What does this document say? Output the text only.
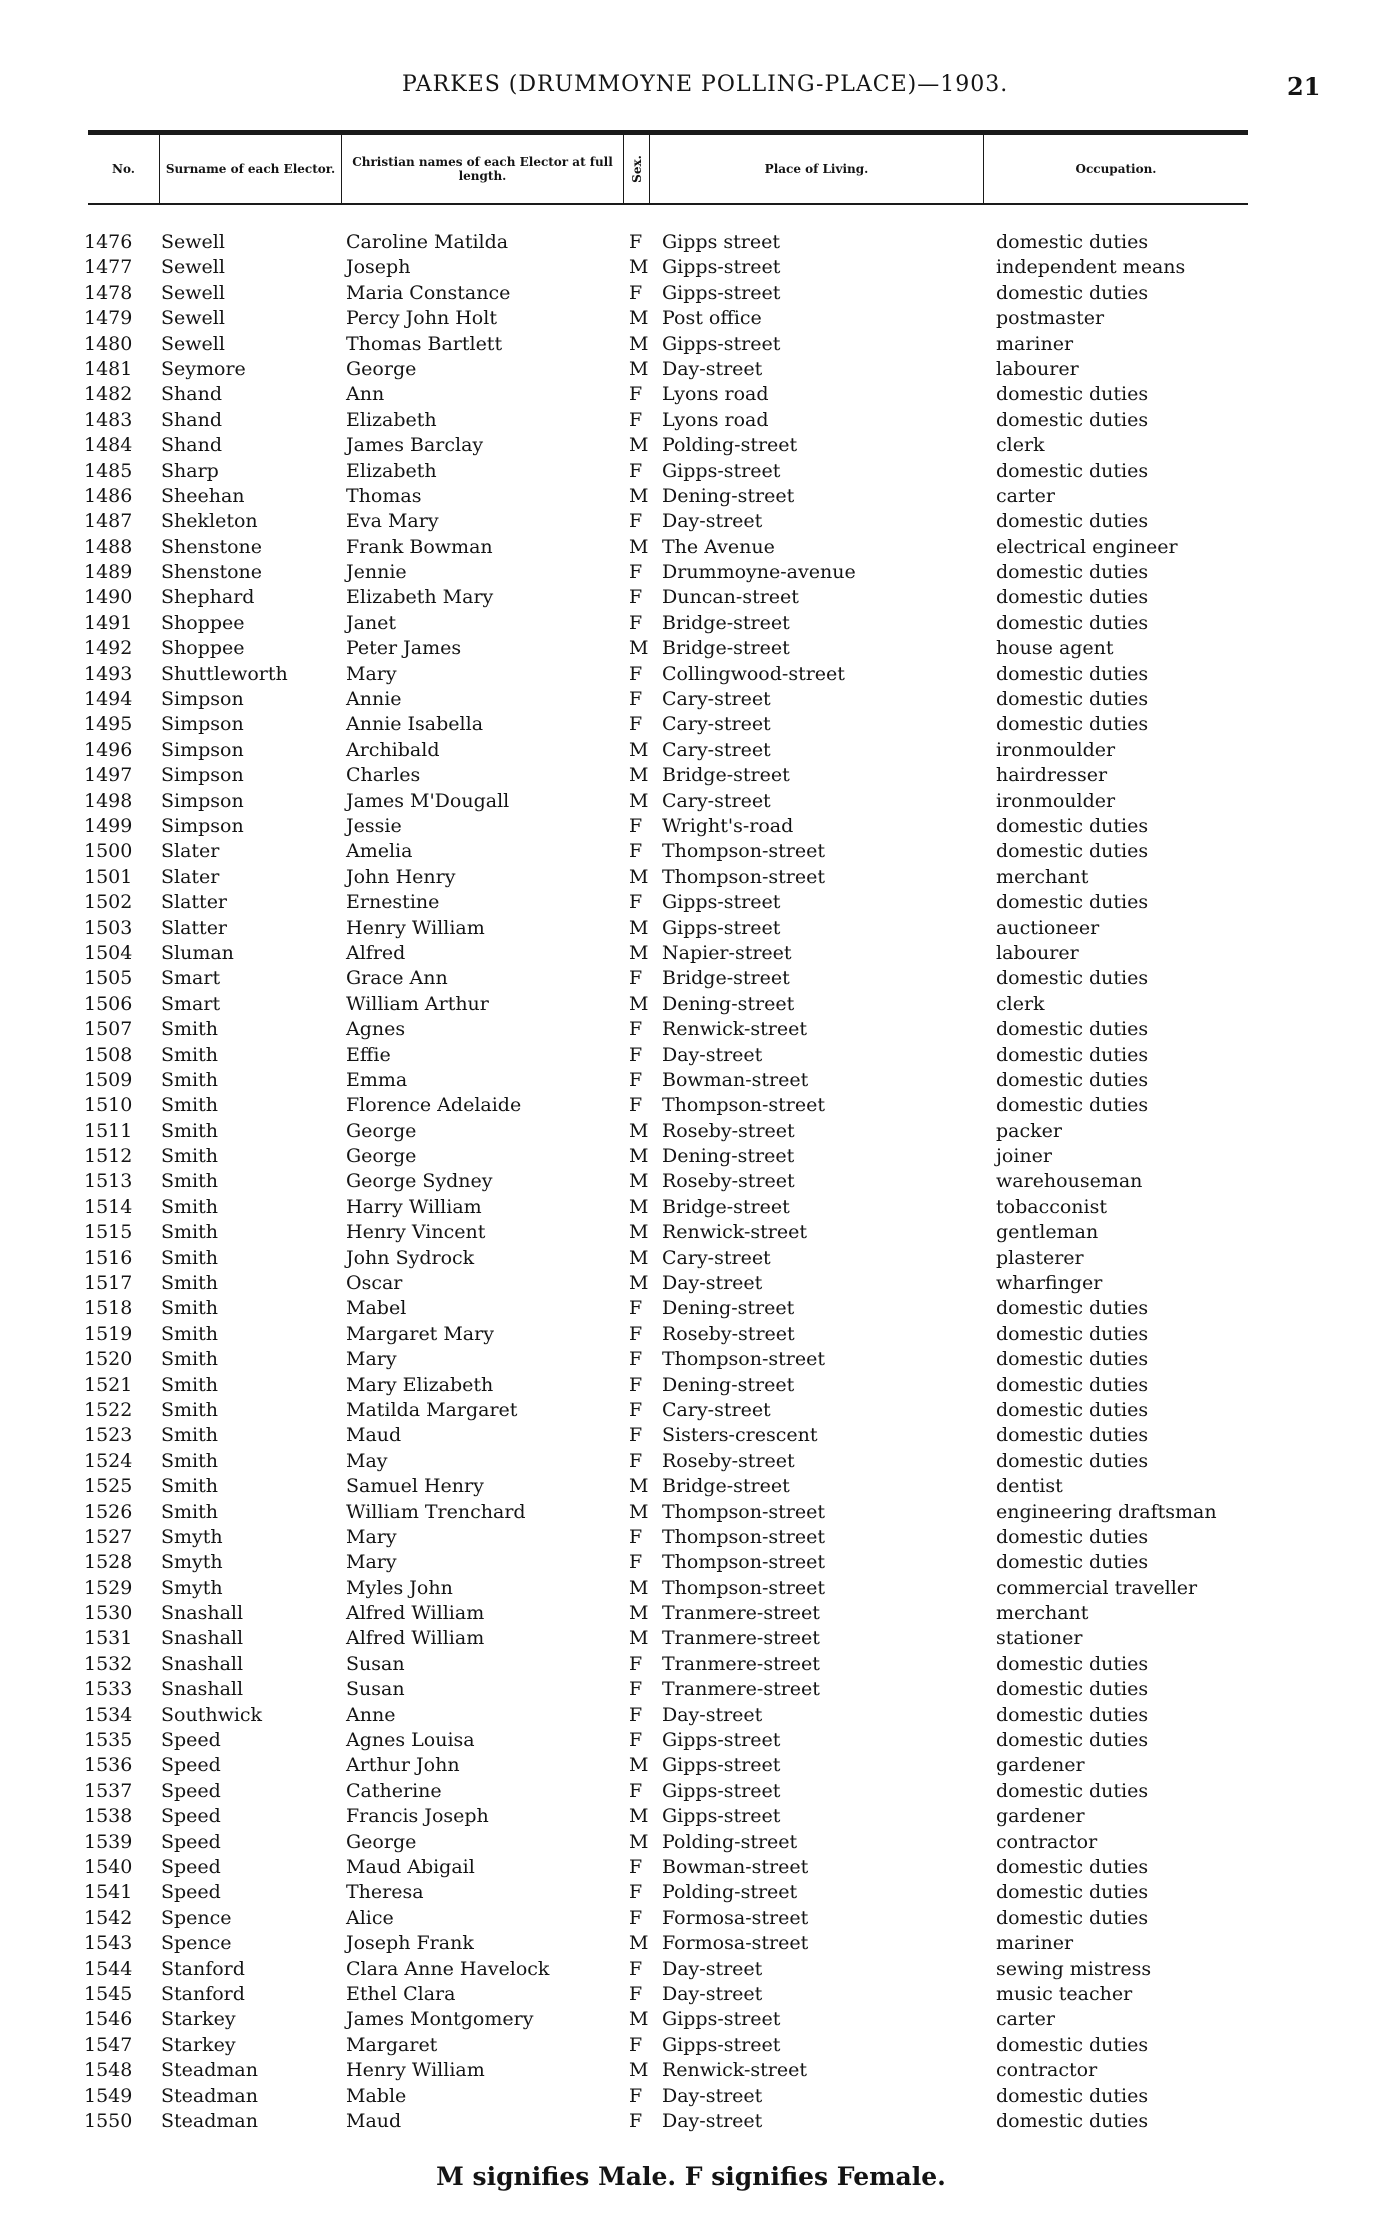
PARKES (DRUMMOYNE POLLING-PLACE)—1903.	21
No.	Surname of each Elector.	Christian names of each Elector at full length.	Sex.	Place of Living.	Occupation.
1476 Sewell	Caroline Matilda	F Gipps street	domestic duties
1477 Sewell	Joseph	M Gipps-street	independent means
1478 Sewell	Maria Constance	F Gipps-street	domestic duties
1479 Sewell	Percy John Holt	M Post office	postmaster
1480 Sewell	Thomas Bartlett	M Gipps-street	mariner
1481 Seymore	George	M Day-street	labourer
1482 Shand	Ann	F Lyons road	domestic duties
1483 Shand	Elizabeth	F Lyons road	domestic duties
1484 Shand	James Barclay	M Polding-street	clerk
1485 Sharp	Elizabeth	F Gipps-street	domestic duties
1486 Sheehan	Thomas	M Dening-street	carter
1487 Shekleton	Eva Mary	F Day-street	domestic duties
1488 Shenstone	Frank Bowman	M The Avenue	electrical engineer
1489 Shenstone	Jennie	F Drummoyne-avenue	domestic duties
1490 Shephard	Elizabeth Mary	F Duncan-street	domestic duties
1491 Shoppee	Janet	F Bridge-street	domestic duties
1492 Shoppee	Peter James	M Bridge-street	house agent
1493 Shuttleworth	Mary	F Collingwood-street	domestic duties
1494 Simpson	Annie	F Cary-street	domestic duties
1495 Simpson	Annie Isabella	F Cary-street	domestic duties
1496 Simpson	Archibald	M Cary-street	ironmoulder
1497 Simpson	Charles	M Bridge-street	hairdresser
1498 Simpson	James M'Dougall	M Cary-street	ironmoulder
1499 Simpson	Jessie	F Wright's-road	domestic duties
1500 Slater	Amelia	F Thompson-street	domestic duties
1501 Slater	John Henry	M Thompson-street	merchant
1502 Slatter	Ernestine	F Gipps-street	domestic duties
1503 Slatter	Henry William	M Gipps-street	auctioneer
1504 Sluman	Alfred	M Napier-street	labourer
1505 Smart	Grace Ann	F Bridge-street	domestic duties
1506 Smart	William Arthur	M Dening-street	clerk
1507 Smith	Agnes	F Renwick-street	domestic duties
1508 Smith	Effie	F Day-street	domestic duties
1509 Smith	Emma	F Bowman-street	domestic duties
1510 Smith	Florence Adelaide	F Thompson-street	domestic duties
1511 Smith	George	M Roseby-street	packer
1512 Smith	George	M Dening-street	joiner
1513 Smith	George Sydney	M Roseby-street	warehouseman
1514 Smith	Harry William	M Bridge-street	tobacconist
1515 Smith	Henry Vincent	M Renwick-street	gentleman
1516 Smith	John Sydrock	M Cary-street	plasterer
1517 Smith	Oscar	M Day-street	wharfinger
1518 Smith	Mabel	F Dening-street	domestic duties
1519 Smith	Margaret Mary	F Roseby-street	domestic duties
1520 Smith	Mary	F Thompson-street	domestic duties
1521 Smith	Mary Elizabeth	F Dening-street	domestic duties
1522 Smith	Matilda Margaret	F Cary-street	domestic duties
1523 Smith	Maud	F Sisters-crescent	domestic duties
1524 Smith	May	F Roseby-street	domestic duties
1525 Smith	Samuel Henry	M Bridge-street	dentist
1526 Smith	William Trenchard	M Thompson-street	engineering draftsman
1527 Smyth	Mary	F Thompson-street	domestic duties
1528 Smyth	Mary	F Thompson-street	domestic duties
1529 Smyth	Myles John	M Thompson-street	commercial traveller
1530 Snashall	Alfred William	M Tranmere-street	merchant
1531 Snashall	Alfred William	M Tranmere-street	stationer
1532 Snashall	Susan	F Tranmere-street	domestic duties
1533 Snashall	Susan	F Tranmere-street	domestic duties
1534 Southwick	Anne	F Day-street	domestic duties
1535 Speed	Agnes Louisa	F Gipps-street	domestic duties
1536 Speed	Arthur John	M Gipps-street	gardener
1537 Speed	Catherine	F Gipps-street	domestic duties
1538 Speed	Francis Joseph	M Gipps-street	gardener
1539 Speed	George	M Polding-street	contractor
1540 Speed	Maud Abigail	F Bowman-street	domestic duties
1541 Speed	Theresa	F Polding-street	domestic duties
1542 Spence	Alice	F Formosa-street	domestic duties
1543 Spence	Joseph Frank	M Formosa-street	mariner
1544 Stanford	Clara Anne Havelock	F Day-street	sewing mistress
1545 Stanford	Ethel Clara	F Day-street	music teacher
1546 Starkey	James Montgomery	M Gipps-street	carter
1547 Starkey	Margaret	F Gipps-street	domestic duties
1548 Steadman	Henry William	M Renwick-street	contractor
1549 Steadman	Mable	F Day-street	domestic duties
1550 Steadman	Maud	F Day-street	domestic duties
M signifies Male. F signifies Female.
